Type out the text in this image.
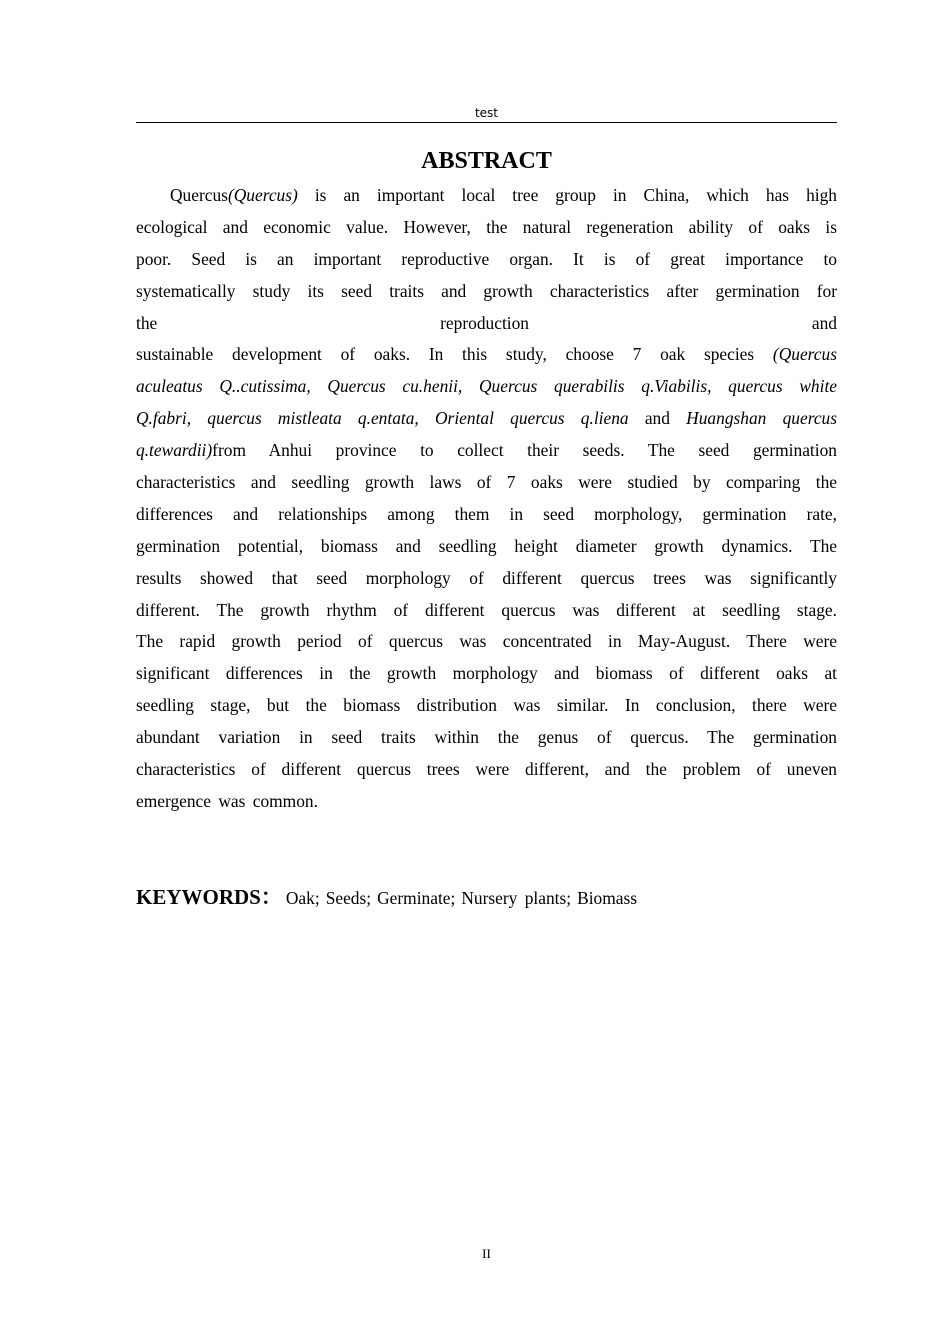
test
ABSTRACT
Quercus(Quercus) is an important local tree group in China, which has high
ecological and economic value. However, the natural regeneration ability of oaks is
poor. Seed is an important reproductive organ. It is of great importance to
systematically study its seed traits and growth characteristics after germination for
the reproduction and
sustainable development of oaks. In this study, choose 7 oak species (Quercus
aculeatus Q..cutissima, Quercus cu.henii, Quercus querabilis q.Viabilis, quercus white
Q.fabri, quercus mistleata q.entata, Oriental quercus q.liena and Huangshan quercus
q.tewardii)from Anhui province to collect their seeds. The seed germination
characteristics and seedling growth laws of 7 oaks were studied by comparing the
differences and relationships among them in seed morphology, germination rate,
germination potential, biomass and seedling height diameter growth dynamics. The
results showed that seed morphology of different quercus trees was significantly
different. The growth rhythm of different quercus was different at seedling stage.
The rapid growth period of quercus was concentrated in May-August. There were
significant differences in the growth morphology and biomass of different oaks at
seedling stage, but the biomass distribution was similar. In conclusion, there were
abundant variation in seed traits within the genus of quercus. The germination
characteristics of different quercus trees were different, and the problem of uneven
emergence was common.
KEYWORDS： Oak; Seeds; Germinate; Nursery plants; Biomass
II
